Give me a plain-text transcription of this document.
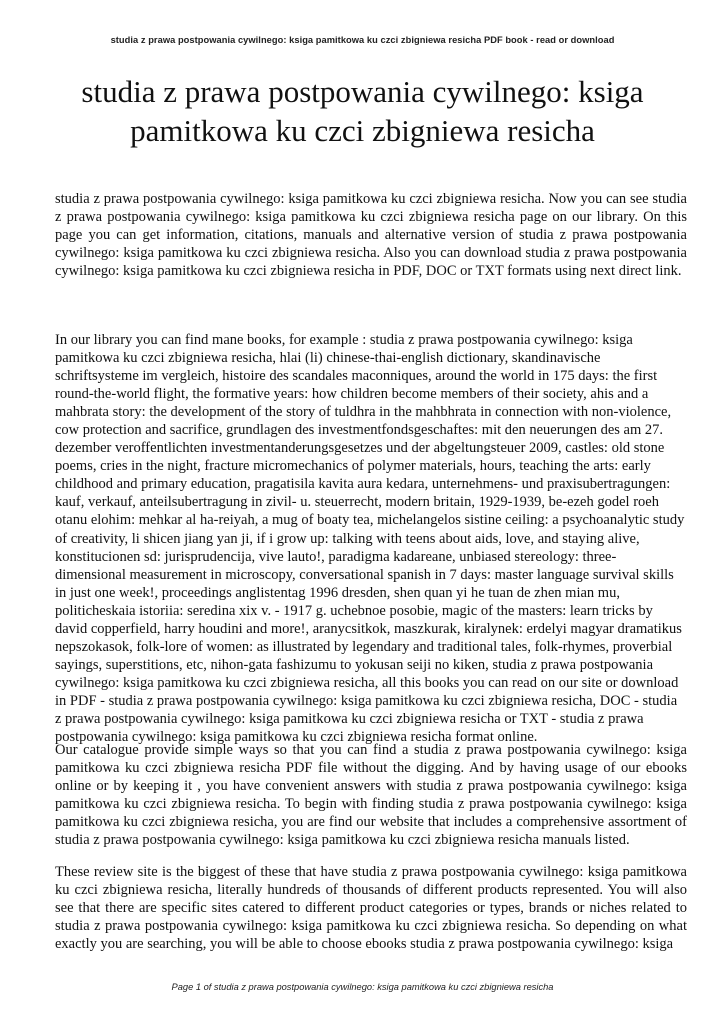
studia z prawa postpowania cywilnego: ksiga pamitkowa ku czci zbigniewa resicha PDF book - read or download
studia z prawa postpowania cywilnego: ksiga pamitkowa ku czci zbigniewa resicha

studia z prawa postpowania cywilnego: ksiga pamitkowa ku czci zbigniewa resicha. Now you can see studia z prawa postpowania cywilnego: ksiga pamitkowa ku czci zbigniewa resicha page on our library. On this page you can get information, citations, manuals and alternative version of studia z prawa postpowania cywilnego: ksiga pamitkowa ku czci zbigniewa resicha. Also you can download studia z prawa postpowania cywilnego: ksiga pamitkowa ku czci zbigniewa resicha in PDF, DOC or TXT formats using next direct link.

In our library you can find mane books, for example : studia z prawa postpowania cywilnego: ksiga pamitkowa ku czci zbigniewa resicha, hlai (li) chinese-thai-english dictionary, skandinavische schriftsysteme im vergleich, histoire des scandales maconniques, around the world in 175 days: the first round-the-world flight, the formative years: how children become members of their society, ahis and a mahbrata story: the development of the story of tuldhra in the mahbhrata in connection with non-violence, cow protection and sacrifice, grundlagen des investmentfondsgeschaftes: mit den neuerungen des am 27. dezember veroffentlichten investmentanderungsgesetzes und der abgeltungsteuer 2009, castles: old stone poems, cries in the night, fracture micromechanics of polymer materials, hours, teaching the arts: early childhood and primary education, pragatisila kavita aura kedara, unternehmens- und praxisubertragungen: kauf, verkauf, anteilsubertragung in zivil- u. steuerrecht, modern britain, 1929-1939, be-ezeh godel roeh otanu elohim: mehkar al ha-reiyah, a mug of boaty tea, michelangelos sistine ceiling: a psychoanalytic study of creativity, li shicen jiang yan ji, if i grow up: talking with teens about aids, love, and staying alive, konstitucionen sd: jurisprudencija, vive lauto!, paradigma kadareane, unbiased stereology: three-dimensional measurement in microscopy, conversational spanish in 7 days: master language survival skills in just one week!, proceedings anglistentag 1996 dresden, shen quan yi he tuan de zhen mian mu, politicheskaia istoriia: seredina xix v. - 1917 g. uchebnoe posobie, magic of the masters: learn tricks by david copperfield, harry houdini and more!, aranycsitkok, maszkurak, kiralynek: erdelyi magyar dramatikus nepszokasok, folk-lore of women: as illustrated by legendary and traditional tales, folk-rhymes, proverbial sayings, superstitions, etc, nihon-gata fashizumu to yokusan seiji no kiken, studia z prawa postpowania cywilnego: ksiga pamitkowa ku czci zbigniewa resicha, all this books you can read on our site or download in PDF - studia z prawa postpowania cywilnego: ksiga pamitkowa ku czci zbigniewa resicha, DOC - studia z prawa postpowania cywilnego: ksiga pamitkowa ku czci zbigniewa resicha or TXT - studia z prawa postpowania cywilnego: ksiga pamitkowa ku czci zbigniewa resicha format online.

Our catalogue provide simple ways so that you can find a studia z prawa postpowania cywilnego: ksiga pamitkowa ku czci zbigniewa resicha PDF file without the digging. And by having usage of our ebooks online or by keeping it , you have convenient answers with studia z prawa postpowania cywilnego: ksiga pamitkowa ku czci zbigniewa resicha. To begin with finding studia z prawa postpowania cywilnego: ksiga pamitkowa ku czci zbigniewa resicha, you are find our website that includes a comprehensive assortment of studia z prawa postpowania cywilnego: ksiga pamitkowa ku czci zbigniewa resicha manuals listed.

These review site is the biggest of these that have studia z prawa postpowania cywilnego: ksiga pamitkowa ku czci zbigniewa resicha, literally hundreds of thousands of different products represented. You will also see that there are specific sites catered to different product categories or types, brands or niches related to studia z prawa postpowania cywilnego: ksiga pamitkowa ku czci zbigniewa resicha. So depending on what exactly you are searching, you will be able to choose ebooks studia z prawa postpowania cywilnego: ksiga

Page 1 of studia z prawa postpowania cywilnego: ksiga pamitkowa ku czci zbigniewa resicha
